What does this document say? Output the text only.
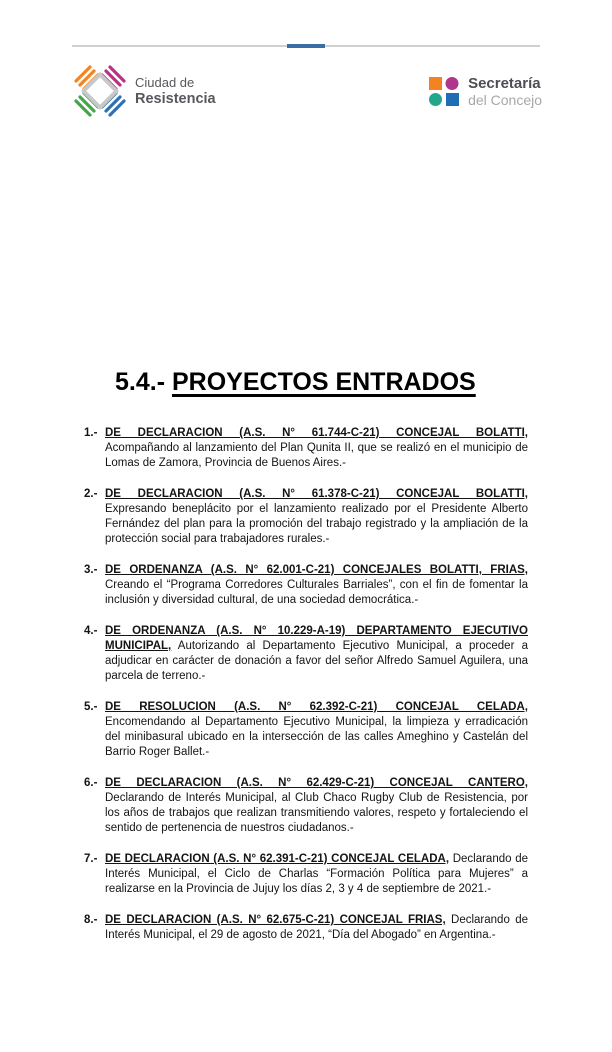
Ciudad de
Resistencia
Secretaría
del Concejo
5.4.- PROYECTOS ENTRADOS
1.- DE DECLARACION (A.S. N° 61.744-C-21) CONCEJAL BOLATTI,
Acompañando al lanzamiento del Plan Qunita II, que se realizó en el municipio de Lomas de Zamora, Provincia de Buenos Aires.-

2.- DE DECLARACION (A.S. N° 61.378-C-21) CONCEJAL BOLATTI,
Expresando beneplácito por el lanzamiento realizado por el Presidente Alberto Fernández del plan para la promoción del trabajo registrado y la ampliación de la protección social para trabajadores rurales.-

3.- DE ORDENANZA (A.S. N° 62.001-C-21) CONCEJALES BOLATTI, FRIAS,
Creando el “Programa Corredores Culturales Barriales”, con el fin de fomentar la inclusión y diversidad cultural, de una sociedad democrática.-

4.- DE ORDENANZA (A.S. N° 10.229-A-19) DEPARTAMENTO EJECUTIVO MUNICIPAL, Autorizando al Departamento Ejecutivo Municipal, a proceder a adjudicar en carácter de donación a favor del señor Alfredo Samuel Aguilera, una parcela de terreno.-

5.- DE RESOLUCION (A.S. N° 62.392-C-21) CONCEJAL CELADA,
Encomendando al Departamento Ejecutivo Municipal, la limpieza y erradicación del minibasural ubicado en la intersección de las calles Ameghino y Castelán del Barrio Roger Ballet.-

6.- DE DECLARACION (A.S. N° 62.429-C-21) CONCEJAL CANTERO,
Declarando de Interés Municipal, al Club Chaco Rugby Club de Resistencia, por los años de trabajos que realizan transmitiendo valores, respeto y fortaleciendo el sentido de pertenencia de nuestros ciudadanos.-

7.- DE DECLARACION (A.S. N° 62.391-C-21) CONCEJAL CELADA, Declarando de Interés Municipal, el Ciclo de Charlas “Formación Política para Mujeres” a realizarse en la Provincia de Jujuy los días 2, 3 y 4 de septiembre de 2021.-

8.- DE DECLARACION (A.S. N° 62.675-C-21) CONCEJAL FRIAS, Declarando de Interés Municipal, el 29 de agosto de 2021, “Día del Abogado” en Argentina.-
